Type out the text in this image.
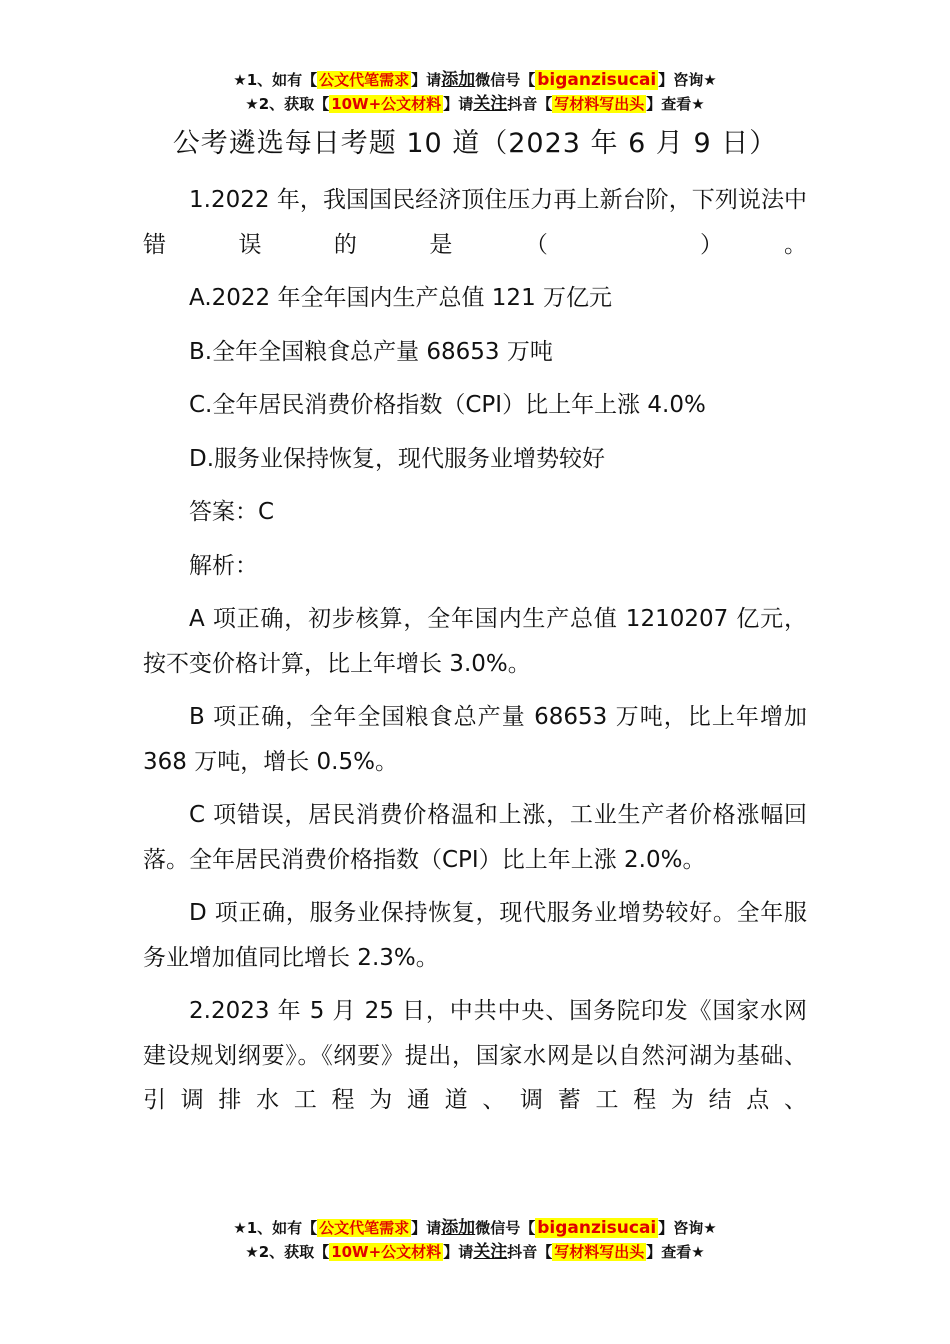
★1、如有【 公文代笔需求 】请添加微信号【 biganzisucai 】咨询★
★2、获取【 10W+公文材料 】请关注抖音【 写材料写出头 】查看★
公考遴选每日考题 10 道（2023 年 6 月 9 日）

1.2022 年，我国国民经济顶住压力再上新台阶，下列说法中错误的是（ ）。

A.2022 年全年国内生产总值 121 万亿元

B.全年全国粮食总产量 68653 万吨

C.全年居民消费价格指数（CPI）比上年上涨 4.0%

D.服务业保持恢复，现代服务业增势较好

答案：C

解析：

A 项正确，初步核算，全年国内生产总值 1210207 亿元，按不变价格计算，比上年增长 3.0%。

B 项正确，全年全国粮食总产量 68653 万吨，比上年增加 368 万吨，增长 0.5%。

C 项错误，居民消费价格温和上涨，工业生产者价格涨幅回落。全年居民消费价格指数（CPI）比上年上涨 2.0%。

D 项正确，服务业保持恢复，现代服务业增势较好。全年服务业增加值同比增长 2.3%。

2.2023 年 5 月 25 日，中共中央、国务院印发《国家水网建设规划纲要》。《纲要》提出，国家水网是以自然河湖为基础、引调排水工程为通道、调蓄工程为结点、

★1、如有【 公文代笔需求 】请添加微信号【 biganzisucai 】咨询★
★2、获取【 10W+公文材料 】请关注抖音【 写材料写出头 】查看★
